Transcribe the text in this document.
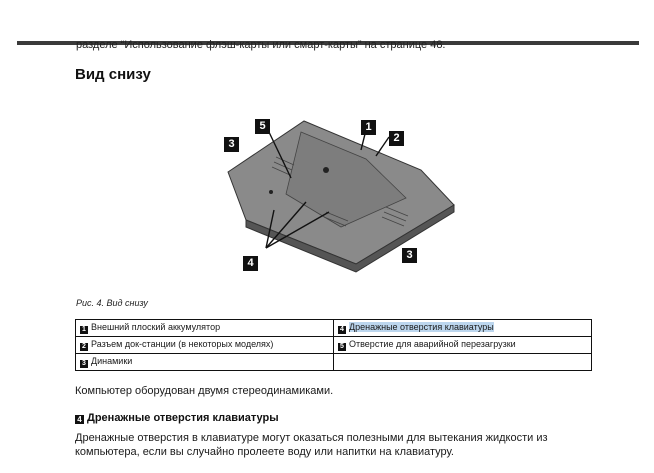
разделе “Использование флэш-карты или смарт-карты” на странице 48.
Вид снизу
5	1
2
3
3
4
Рис. 4. Вид снизу
1 Внешний плоский аккумулятор	4 Дренажные отверстия клавиатуры
2 Разъем док-станции (в некоторых моделях)	5 Отверстие для аварийной перезагрузки
3 Динамики	
Компьютер оборудован двумя стереодинамиками.
4 Дренажные отверстия клавиатуры
Дренажные отверстия в клавиатуре могут оказаться полезными для вытекания жидкости из
компьютера, если вы случайно пролеете воду или напитки на клавиатуру.
